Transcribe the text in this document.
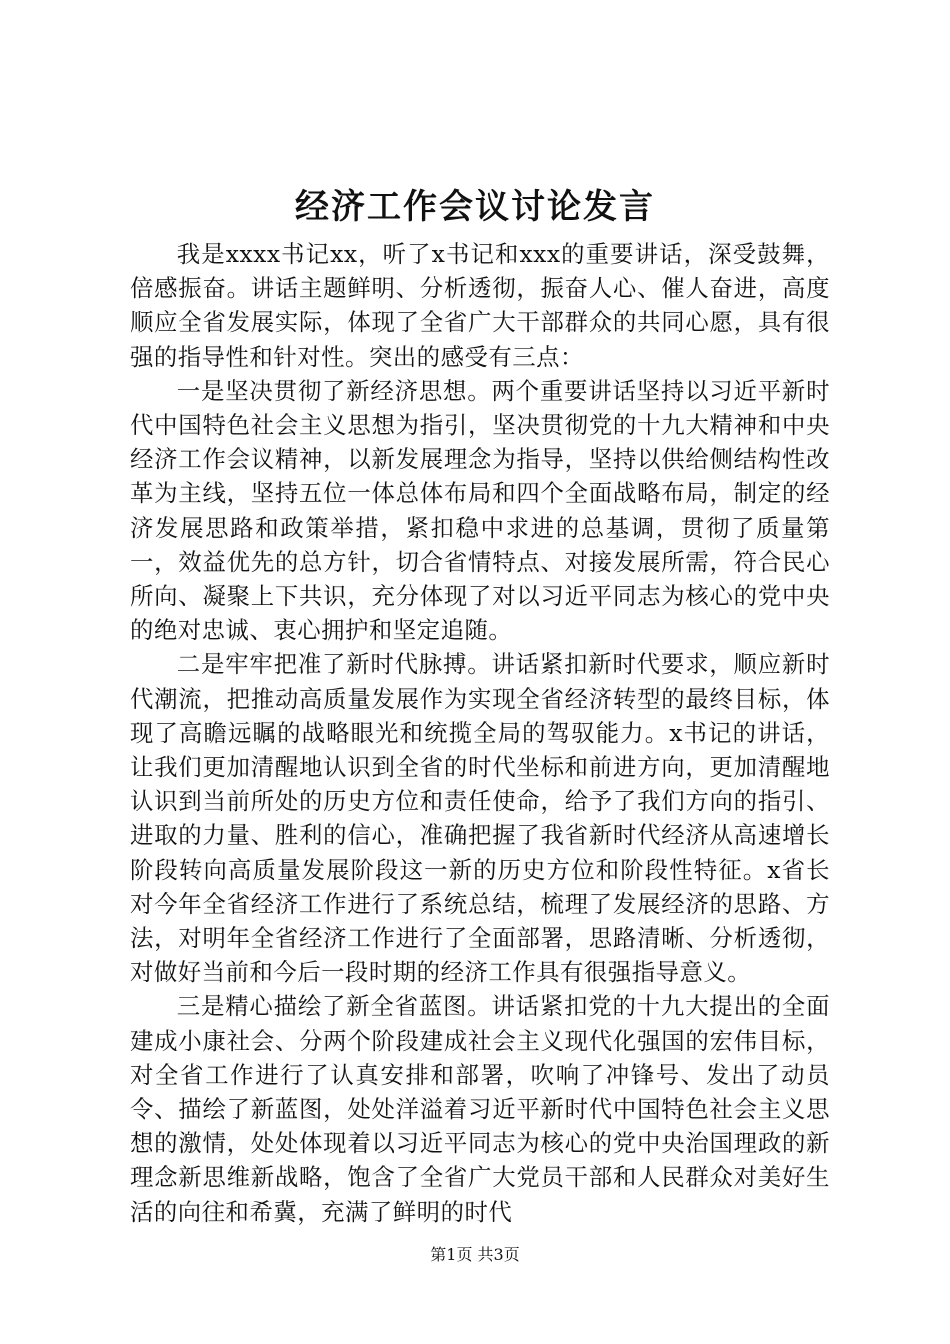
经济工作会议讨论发言

我是xxxx书记xx，听了x书记和xxx的重要讲话，深受鼓舞，倍感振奋。讲话主题鲜明、分析透彻，振奋人心、催人奋进，高度顺应全省发展实际，体现了全省广大干部群众的共同心愿，具有很强的指导性和针对性。突出的感受有三点：

一是坚决贯彻了新经济思想。两个重要讲话坚持以习近平新时代中国特色社会主义思想为指引，坚决贯彻党的十九大精神和中央经济工作会议精神，以新发展理念为指导，坚持以供给侧结构性改革为主线，坚持五位一体总体布局和四个全面战略布局，制定的经济发展思路和政策举措，紧扣稳中求进的总基调，贯彻了质量第一，效益优先的总方针，切合省情特点、对接发展所需，符合民心所向、凝聚上下共识，充分体现了对以习近平同志为核心的党中央的绝对忠诚、衷心拥护和坚定追随。

二是牢牢把准了新时代脉搏。讲话紧扣新时代要求，顺应新时代潮流，把推动高质量发展作为实现全省经济转型的最终目标，体现了高瞻远瞩的战略眼光和统揽全局的驾驭能力。x书记的讲话，让我们更加清醒地认识到全省的时代坐标和前进方向，更加清醒地认识到当前所处的历史方位和责任使命，给予了我们方向的指引、进取的力量、胜利的信心，准确把握了我省新时代经济从高速增长阶段转向高质量发展阶段这一新的历史方位和阶段性特征。x省长对今年全省经济工作进行了系统总结，梳理了发展经济的思路、方法，对明年全省经济工作进行了全面部署，思路清晰、分析透彻，对做好当前和今后一段时期的经济工作具有很强指导意义。

三是精心描绘了新全省蓝图。讲话紧扣党的十九大提出的全面建成小康社会、分两个阶段建成社会主义现代化强国的宏伟目标，对全省工作进行了认真安排和部署，吹响了冲锋号、发出了动员令、描绘了新蓝图，处处洋溢着习近平新时代中国特色社会主义思想的激情，处处体现着以习近平同志为核心的党中央治国理政的新理念新思维新战略，饱含了全省广大党员干部和人民群众对美好生活的向往和希冀，充满了鲜明的时代

第1页 共3页
